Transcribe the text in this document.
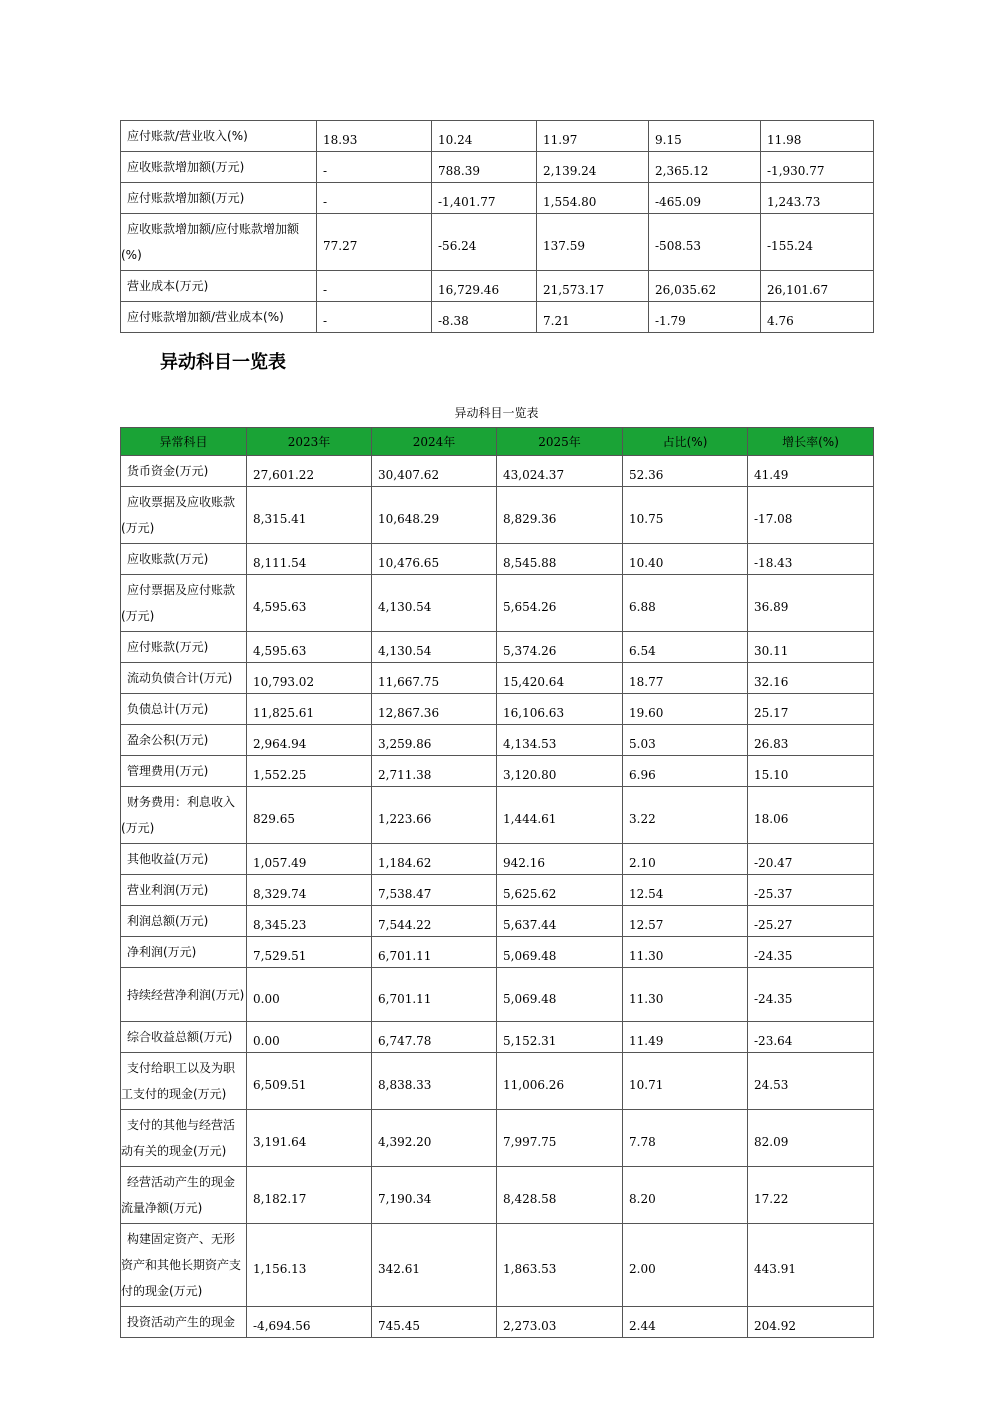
应付账款/营业收入(%)	18.93	10.24	11.97	9.15	11.98
应收账款增加额(万元)	-	788.39	2,139.24	2,365.12	-1,930.77
应付账款增加额(万元)	-	-1,401.77	1,554.80	-465.09	1,243.73
应收账款增加额/应付账款增加额(%)	77.27	-56.24	137.59	-508.53	-155.24
营业成本(万元)	-	16,729.46	21,573.17	26,035.62	26,101.67
应付账款增加额/营业成本(%)	-	-8.38	7.21	-1.79	4.76
异动科目一览表

异动科目一览表

异常科目	2023年	2024年	2025年	占比(%)	增长率(%)
货币资金(万元)	27,601.22	30,407.62	43,024.37	52.36	41.49
应收票据及应收账款(万元)	8,315.41	10,648.29	8,829.36	10.75	-17.08
应收账款(万元)	8,111.54	10,476.65	8,545.88	10.40	-18.43
应付票据及应付账款(万元)	4,595.63	4,130.54	5,654.26	6.88	36.89
应付账款(万元)	4,595.63	4,130.54	5,374.26	6.54	30.11
流动负债合计(万元)	10,793.02	11,667.75	15,420.64	18.77	32.16
负债总计(万元)	11,825.61	12,867.36	16,106.63	19.60	25.17
盈余公积(万元)	2,964.94	3,259.86	4,134.53	5.03	26.83
管理费用(万元)	1,552.25	2,711.38	3,120.80	6.96	15.10
财务费用：利息收入(万元)	829.65	1,223.66	1,444.61	3.22	18.06
其他收益(万元)	1,057.49	1,184.62	942.16	2.10	-20.47
营业利润(万元)	8,329.74	7,538.47	5,625.62	12.54	-25.37
利润总额(万元)	8,345.23	7,544.22	5,637.44	12.57	-25.27
净利润(万元)	7,529.51	6,701.11	5,069.48	11.30	-24.35
持续经营净利润(万元)	0.00	6,701.11	5,069.48	11.30	-24.35
综合收益总额(万元)	0.00	6,747.78	5,152.31	11.49	-23.64
支付给职工以及为职工支付的现金(万元)	6,509.51	8,838.33	11,006.26	10.71	24.53
支付的其他与经营活动有关的现金(万元)	3,191.64	4,392.20	7,997.75	7.78	82.09
经营活动产生的现金流量净额(万元)	8,182.17	7,190.34	8,428.58	8.20	17.22
构建固定资产、无形资产和其他长期资产支付的现金(万元)	1,156.13	342.61	1,863.53	2.00	443.91
投资活动产生的现金	-4,694.56	745.45	2,273.03	2.44	204.92
